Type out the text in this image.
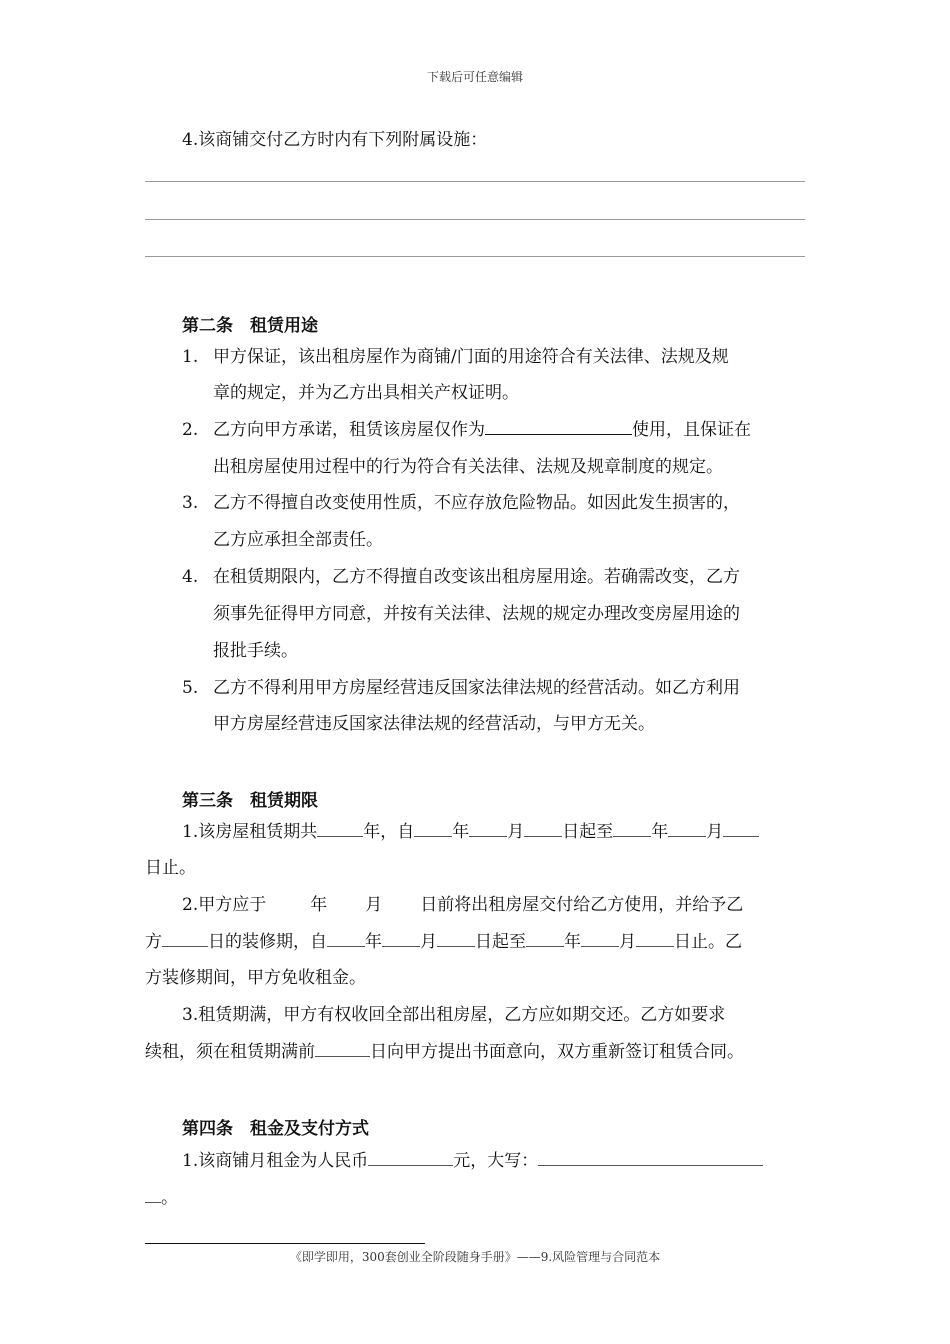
下载后可任意编辑
4.该商铺交付乙方时内有下列附属设施：
第二条　租赁用途
1. 甲方保证，该出租房屋作为商铺/门面的用途符合有关法律、法规及规
章的规定，并为乙方出具相关产权证明。
2. 乙方向甲方承诺，租赁该房屋仅作为	使用，且保证在
出租房屋使用过程中的行为符合有关法律、法规及规章制度的规定。
3. 乙方不得擅自改变使用性质，不应存放危险物品。如因此发生损害的，
乙方应承担全部责任。
4. 在租赁期限内，乙方不得擅自改变该出租房屋用途。若确需改变，乙方
须事先征得甲方同意，并按有关法律、法规的规定办理改变房屋用途的
报批手续。
5. 乙方不得利用甲方房屋经营违反国家法律法规的经营活动。如乙方利用
甲方房屋经营违反国家法律法规的经营活动，与甲方无关。
第三条　租赁期限
1.该房屋租赁期共	年，自 年 月 日起至 年 月
日止。
2.甲方应于	年 月 日前将出租房屋交付给乙方使用，并给予乙
方	日的装修期，自 年 月 日起至 年 月 日止。乙
方装修期间，甲方免收租金。
3.租赁期满，甲方有权收回全部出租房屋，乙方应如期交还。乙方如要求
续租，须在租赁期满前	日向甲方提出书面意向，双方重新签订租赁合同。
第四条　租金及支付方式
1.该商铺月租金为人民币	元，大写：
。
《即学即用，300套创业全阶段随身手册》——9.风险管理与合同范本
